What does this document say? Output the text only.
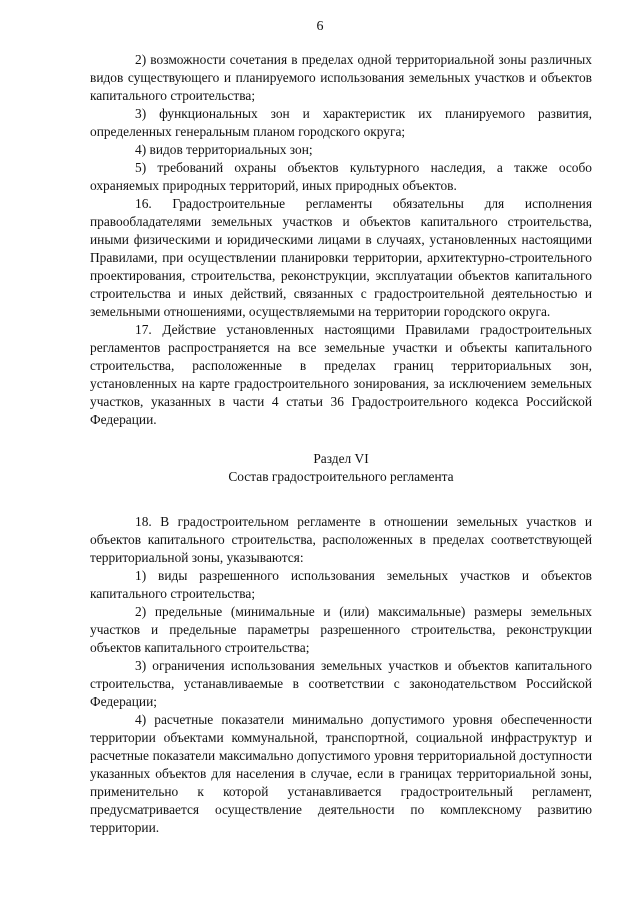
6

2) возможности сочетания в пределах одной территориальной зоны различных видов существующего и планируемого использования земельных участков и объектов капитального строительства;

3) функциональных зон и характеристик их планируемого развития, определенных генеральным планом городского округа;

4) видов территориальных зон;

5) требований охраны объектов культурного наследия, а также особо охраняемых природных территорий, иных природных объектов.

16. Градостроительные регламенты обязательны для исполнения правообладателями земельных участков и объектов капитального строительства, иными физическими и юридическими лицами в случаях, установленных настоящими Правилами, при осуществлении планировки территории, архитектурно-строительного проектирования, строительства, реконструкции, эксплуатации объектов капитального строительства и иных действий, связанных с градостроительной деятельностью и земельными отношениями, осуществляемыми на территории городского округа.

17. Действие установленных настоящими Правилами градостроительных регламентов распространяется на все земельные участки и объекты капитального строительства, расположенные в пределах границ территориальных зон, установленных на карте градостроительного зонирования, за исключением земельных участков, указанных в части 4 статьи 36 Градостроительного кодекса Российской Федерации.

Раздел VI

Состав градостроительного регламента

18. В градостроительном регламенте в отношении земельных участков и объектов капитального строительства, расположенных в пределах соответствующей территориальной зоны, указываются:

1) виды разрешенного использования земельных участков и объектов капитального строительства;

2) предельные (минимальные и (или) максимальные) размеры земельных участков и предельные параметры разрешенного строительства, реконструкции объектов капитального строительства;

3) ограничения использования земельных участков и объектов капитального строительства, устанавливаемые в соответствии с законодательством Российской Федерации;

4) расчетные показатели минимально допустимого уровня обеспеченности территории объектами коммунальной, транспортной, социальной инфраструктур и расчетные показатели максимально допустимого уровня территориальной доступности указанных объектов для населения в случае, если в границах территориальной зоны, применительно к которой устанавливается градостроительный регламент, предусматривается осуществление деятельности по комплексному развитию территории.
